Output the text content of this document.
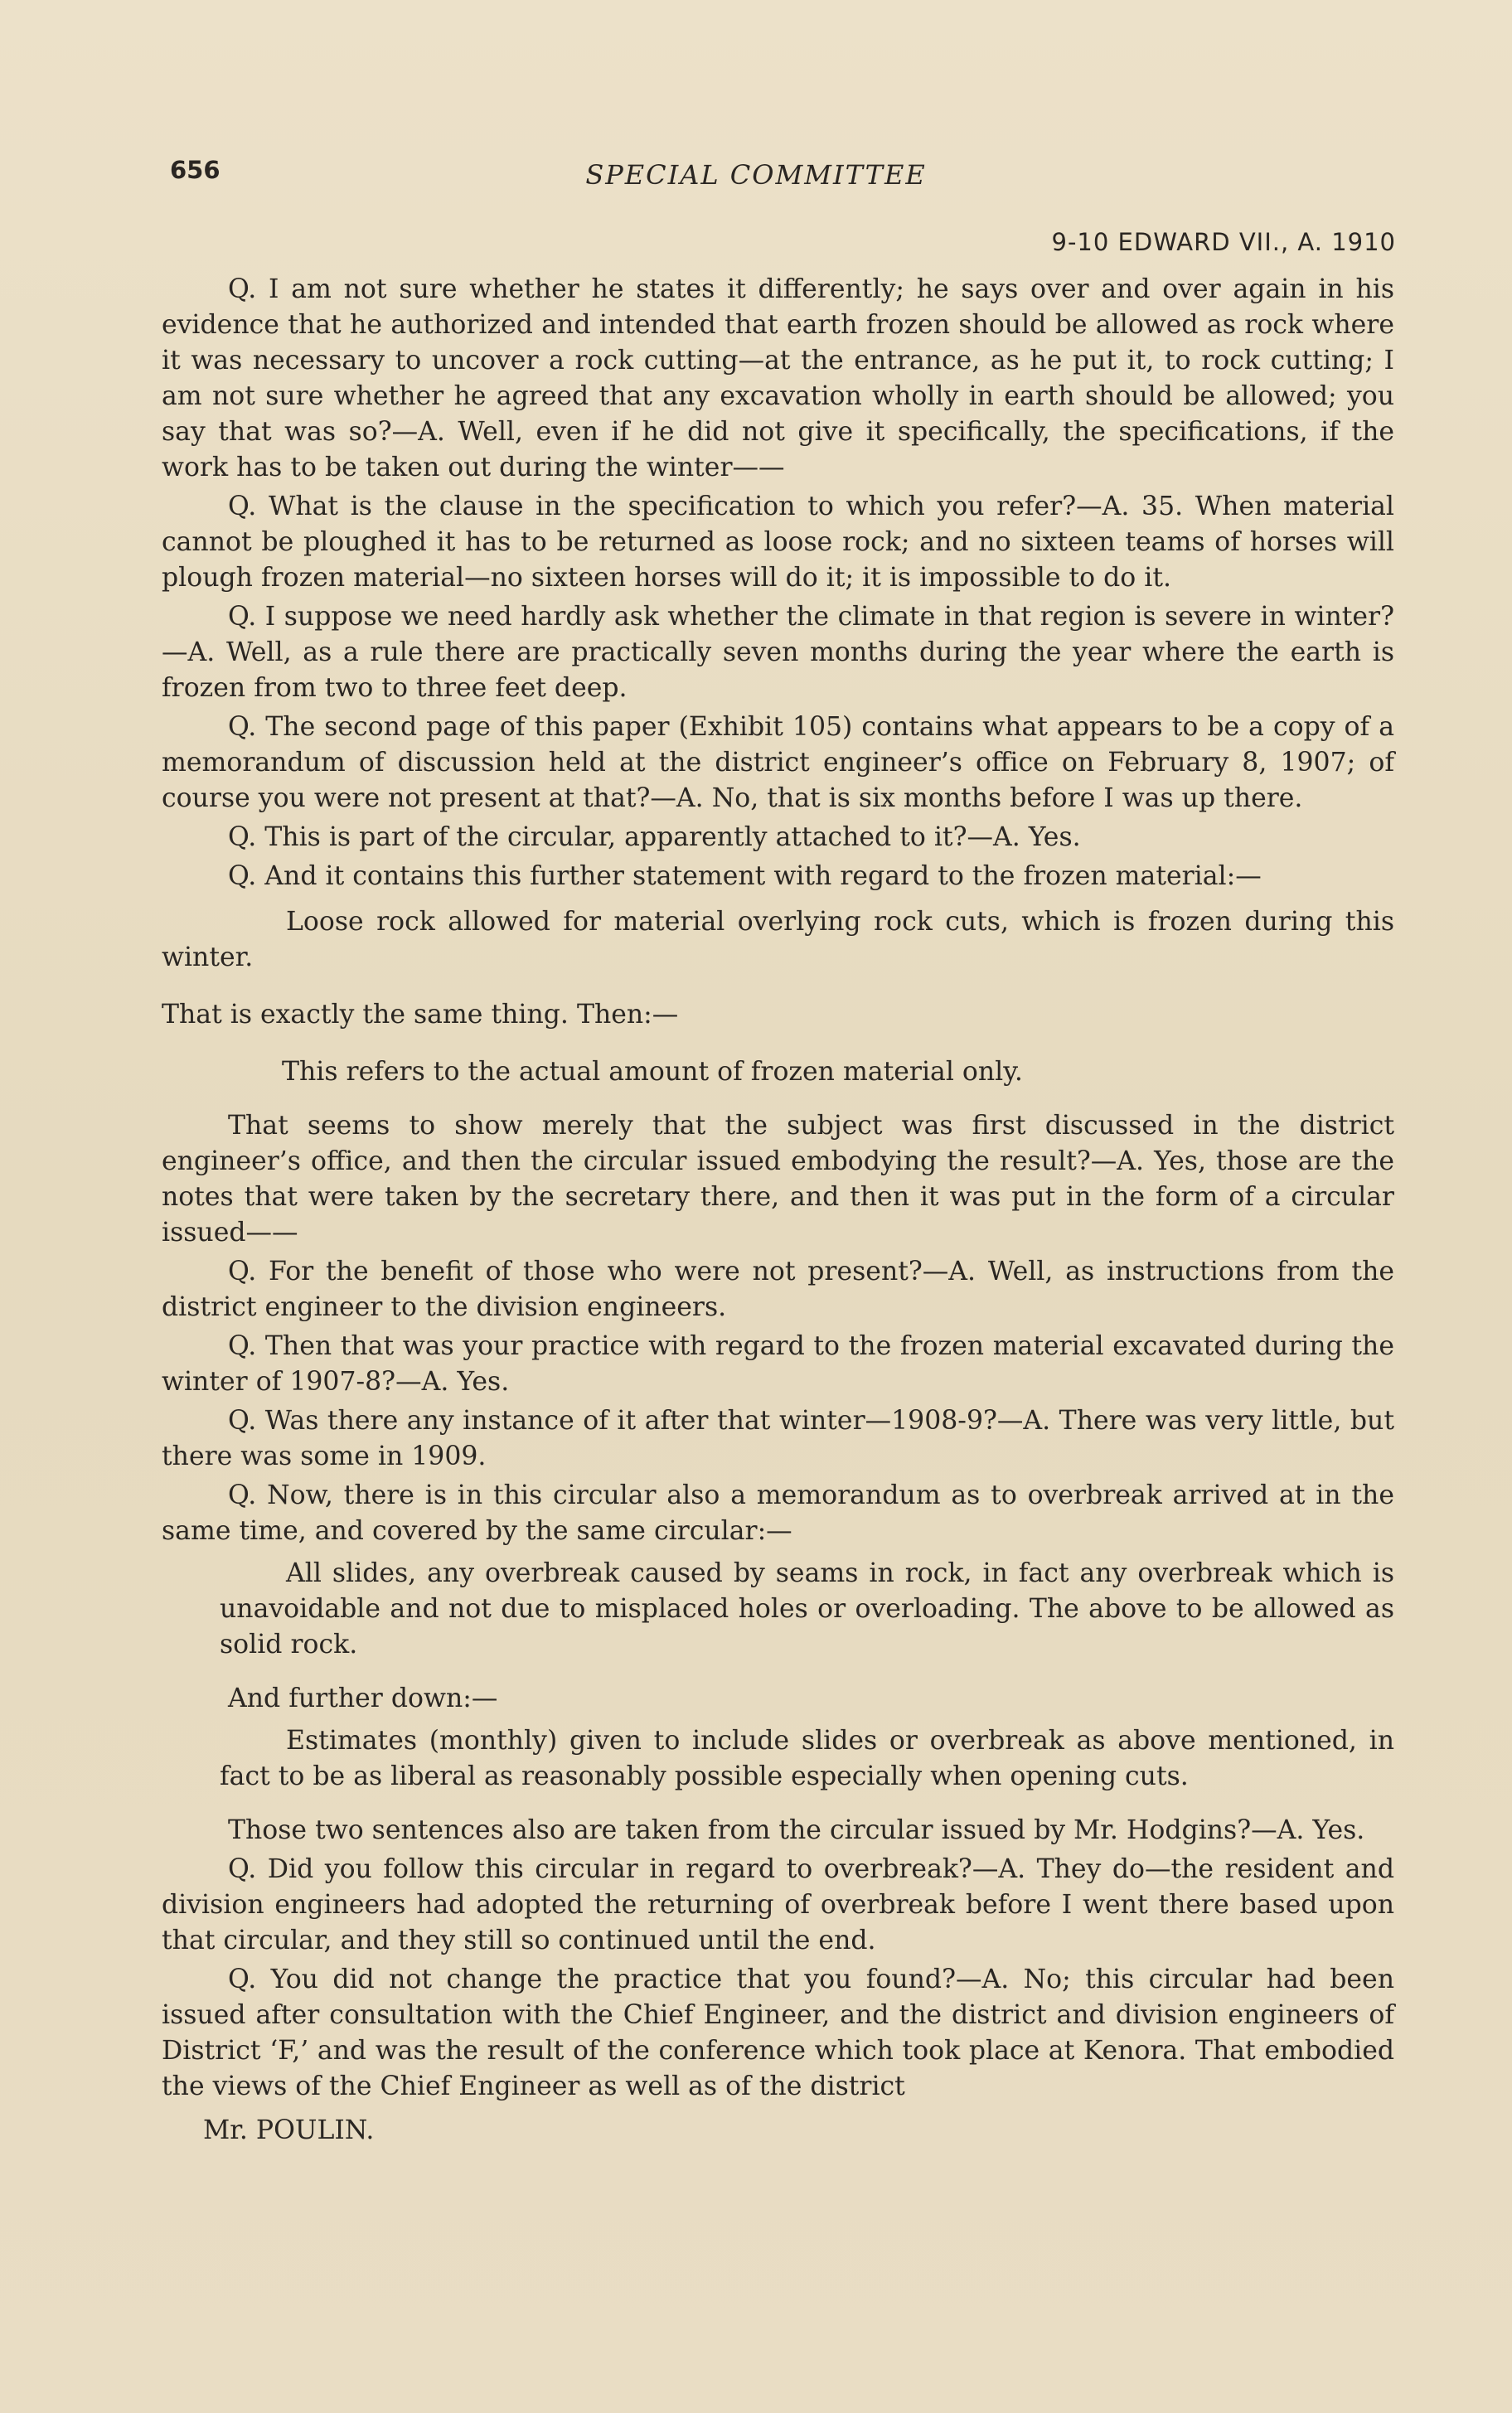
656	SPECIAL COMMITTEE
9-10 EDWARD VII., A. 1910

Q. I am not sure whether he states it differently; he says over and over again in his evidence that he authorized and intended that earth frozen should be allowed as rock where it was necessary to uncover a rock cutting—at the entrance, as he put it, to rock cutting; I am not sure whether he agreed that any excavation wholly in earth should be allowed; you say that was so?—A. Well, even if he did not give it specifically, the specifications, if the work has to be taken out during the winter——

Q. What is the clause in the specification to which you refer?—A. 35. When material cannot be ploughed it has to be returned as loose rock; and no sixteen teams of horses will plough frozen material—no sixteen horses will do it; it is impossible to do it.

Q. I suppose we need hardly ask whether the climate in that region is severe in winter?—A. Well, as a rule there are practically seven months during the year where the earth is frozen from two to three feet deep.

Q. The second page of this paper (Exhibit 105) contains what appears to be a copy of a memorandum of discussion held at the district engineer’s office on February 8, 1907; of course you were not present at that?—A. No, that is six months before I was up there.

Q. This is part of the circular, apparently attached to it?—A. Yes.

Q. And it contains this further statement with regard to the frozen material:—

Loose rock allowed for material overlying rock cuts, which is frozen during this winter.

That is exactly the same thing. Then:—

This refers to the actual amount of frozen material only.

That seems to show merely that the subject was first discussed in the district engineer’s office, and then the circular issued embodying the result?—A. Yes, those are the notes that were taken by the secretary there, and then it was put in the form of a circular issued——

Q. For the benefit of those who were not present?—A. Well, as instructions from the district engineer to the division engineers.

Q. Then that was your practice with regard to the frozen material excavated during the winter of 1907-8?—A. Yes.

Q. Was there any instance of it after that winter—1908-9?—A. There was very little, but there was some in 1909.

Q. Now, there is in this circular also a memorandum as to overbreak arrived at in the same time, and covered by the same circular:—

All slides, any overbreak caused by seams in rock, in fact any overbreak which is unavoidable and not due to misplaced holes or overloading. The above to be allowed as solid rock.

And further down:—

Estimates (monthly) given to include slides or overbreak as above mentioned, in fact to be as liberal as reasonably possible especially when opening cuts.

Those two sentences also are taken from the circular issued by Mr. Hodgins?—A. Yes.

Q. Did you follow this circular in regard to overbreak?—A. They do—the resident and division engineers had adopted the returning of overbreak before I went there based upon that circular, and they still so continued until the end.

Q. You did not change the practice that you found?—A. No; this circular had been issued after consultation with the Chief Engineer, and the district and division engineers of District ‘F,’ and was the result of the conference which took place at Kenora. That embodied the views of the Chief Engineer as well as of the district

Mr. POULIN.
